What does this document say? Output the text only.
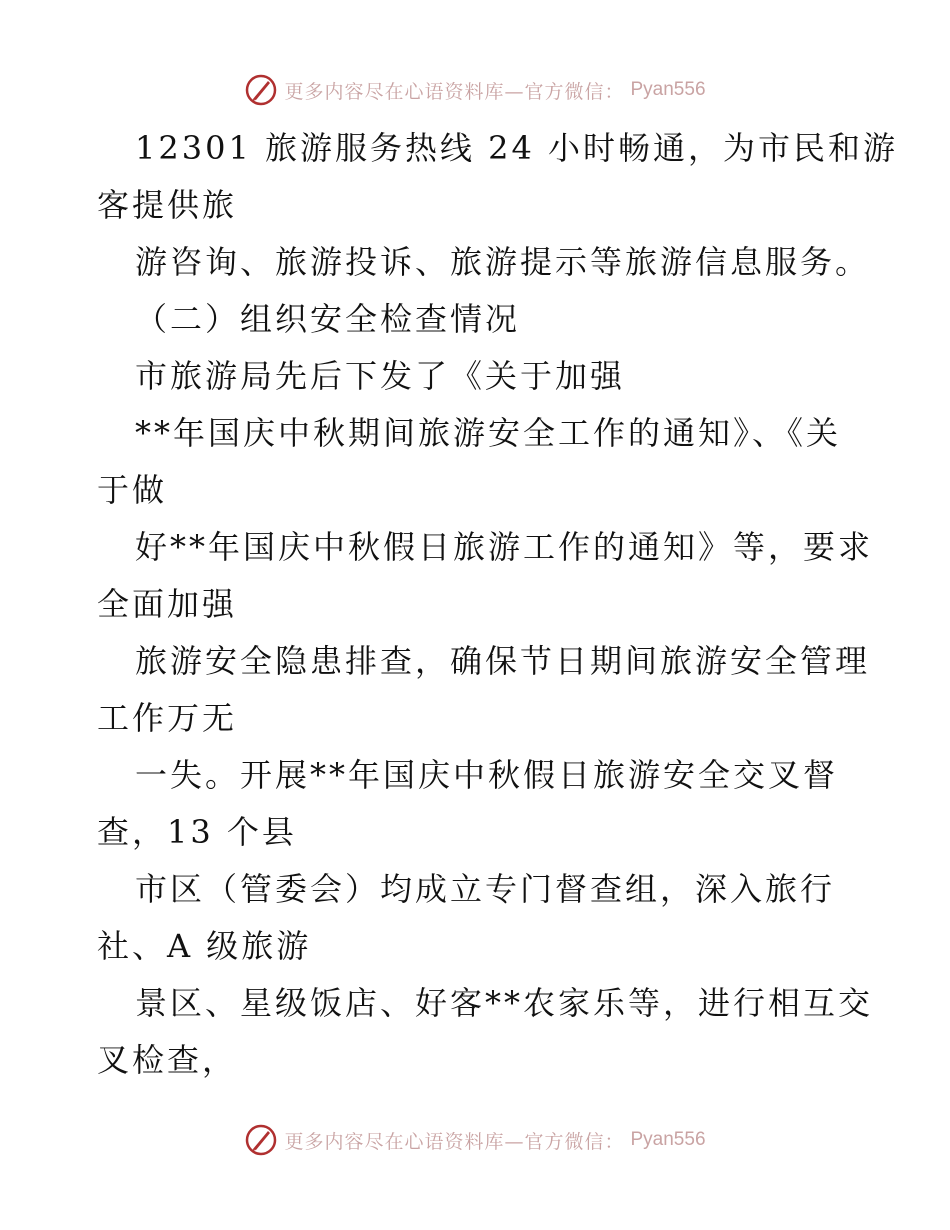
更多内容尽在心语资料库—官方微信： Pyan556
12301 旅游服务热线 24 小时畅通，为市民和游
客提供旅
游咨询、旅游投诉、旅游提示等旅游信息服务。
（二）组织安全检查情况
市旅游局先后下发了《关于加强
**年国庆中秋期间旅游安全工作的通知》、《关
于做
好**年国庆中秋假日旅游工作的通知》等，要求
全面加强
旅游安全隐患排查，确保节日期间旅游安全管理
工作万无
一失。开展**年国庆中秋假日旅游安全交叉督
查，13 个县
市区（管委会）均成立专门督查组，深入旅行
社、A 级旅游
景区、星级饭店、好客**农家乐等，进行相互交
叉检查，
更多内容尽在心语资料库—官方微信： Pyan556
